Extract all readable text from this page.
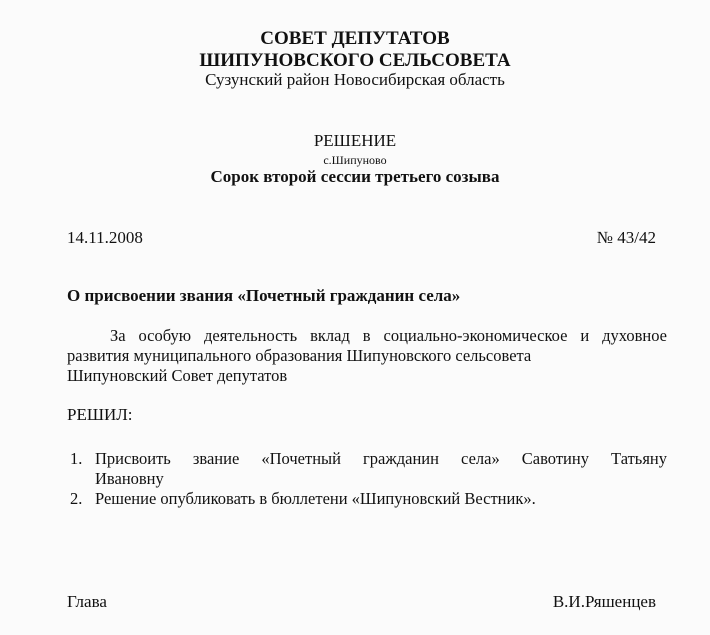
СОВЕТ ДЕПУТАТОВ
ШИПУНОВСКОГО СЕЛЬСОВЕТА
Сузунский район Новосибирская область
РЕШЕНИЕ
с.Шипуново
Сорок второй сессии третьего созыва
14.11.2008	№ 43/42
О присвоении звания «Почетный гражданин села»
За особую деятельность вклад в социально-экономическое и духовное
развития муниципального образования Шипуновского сельсовета
Шипуновский Совет депутатов
РЕШИЛ:
1. Присвоить звание «Почетный гражданин села» Савотину Татьяну
Ивановну
2. Решение опубликовать в бюллетени «Шипуновский Вестник».
Глава	В.И.Ряшенцев
